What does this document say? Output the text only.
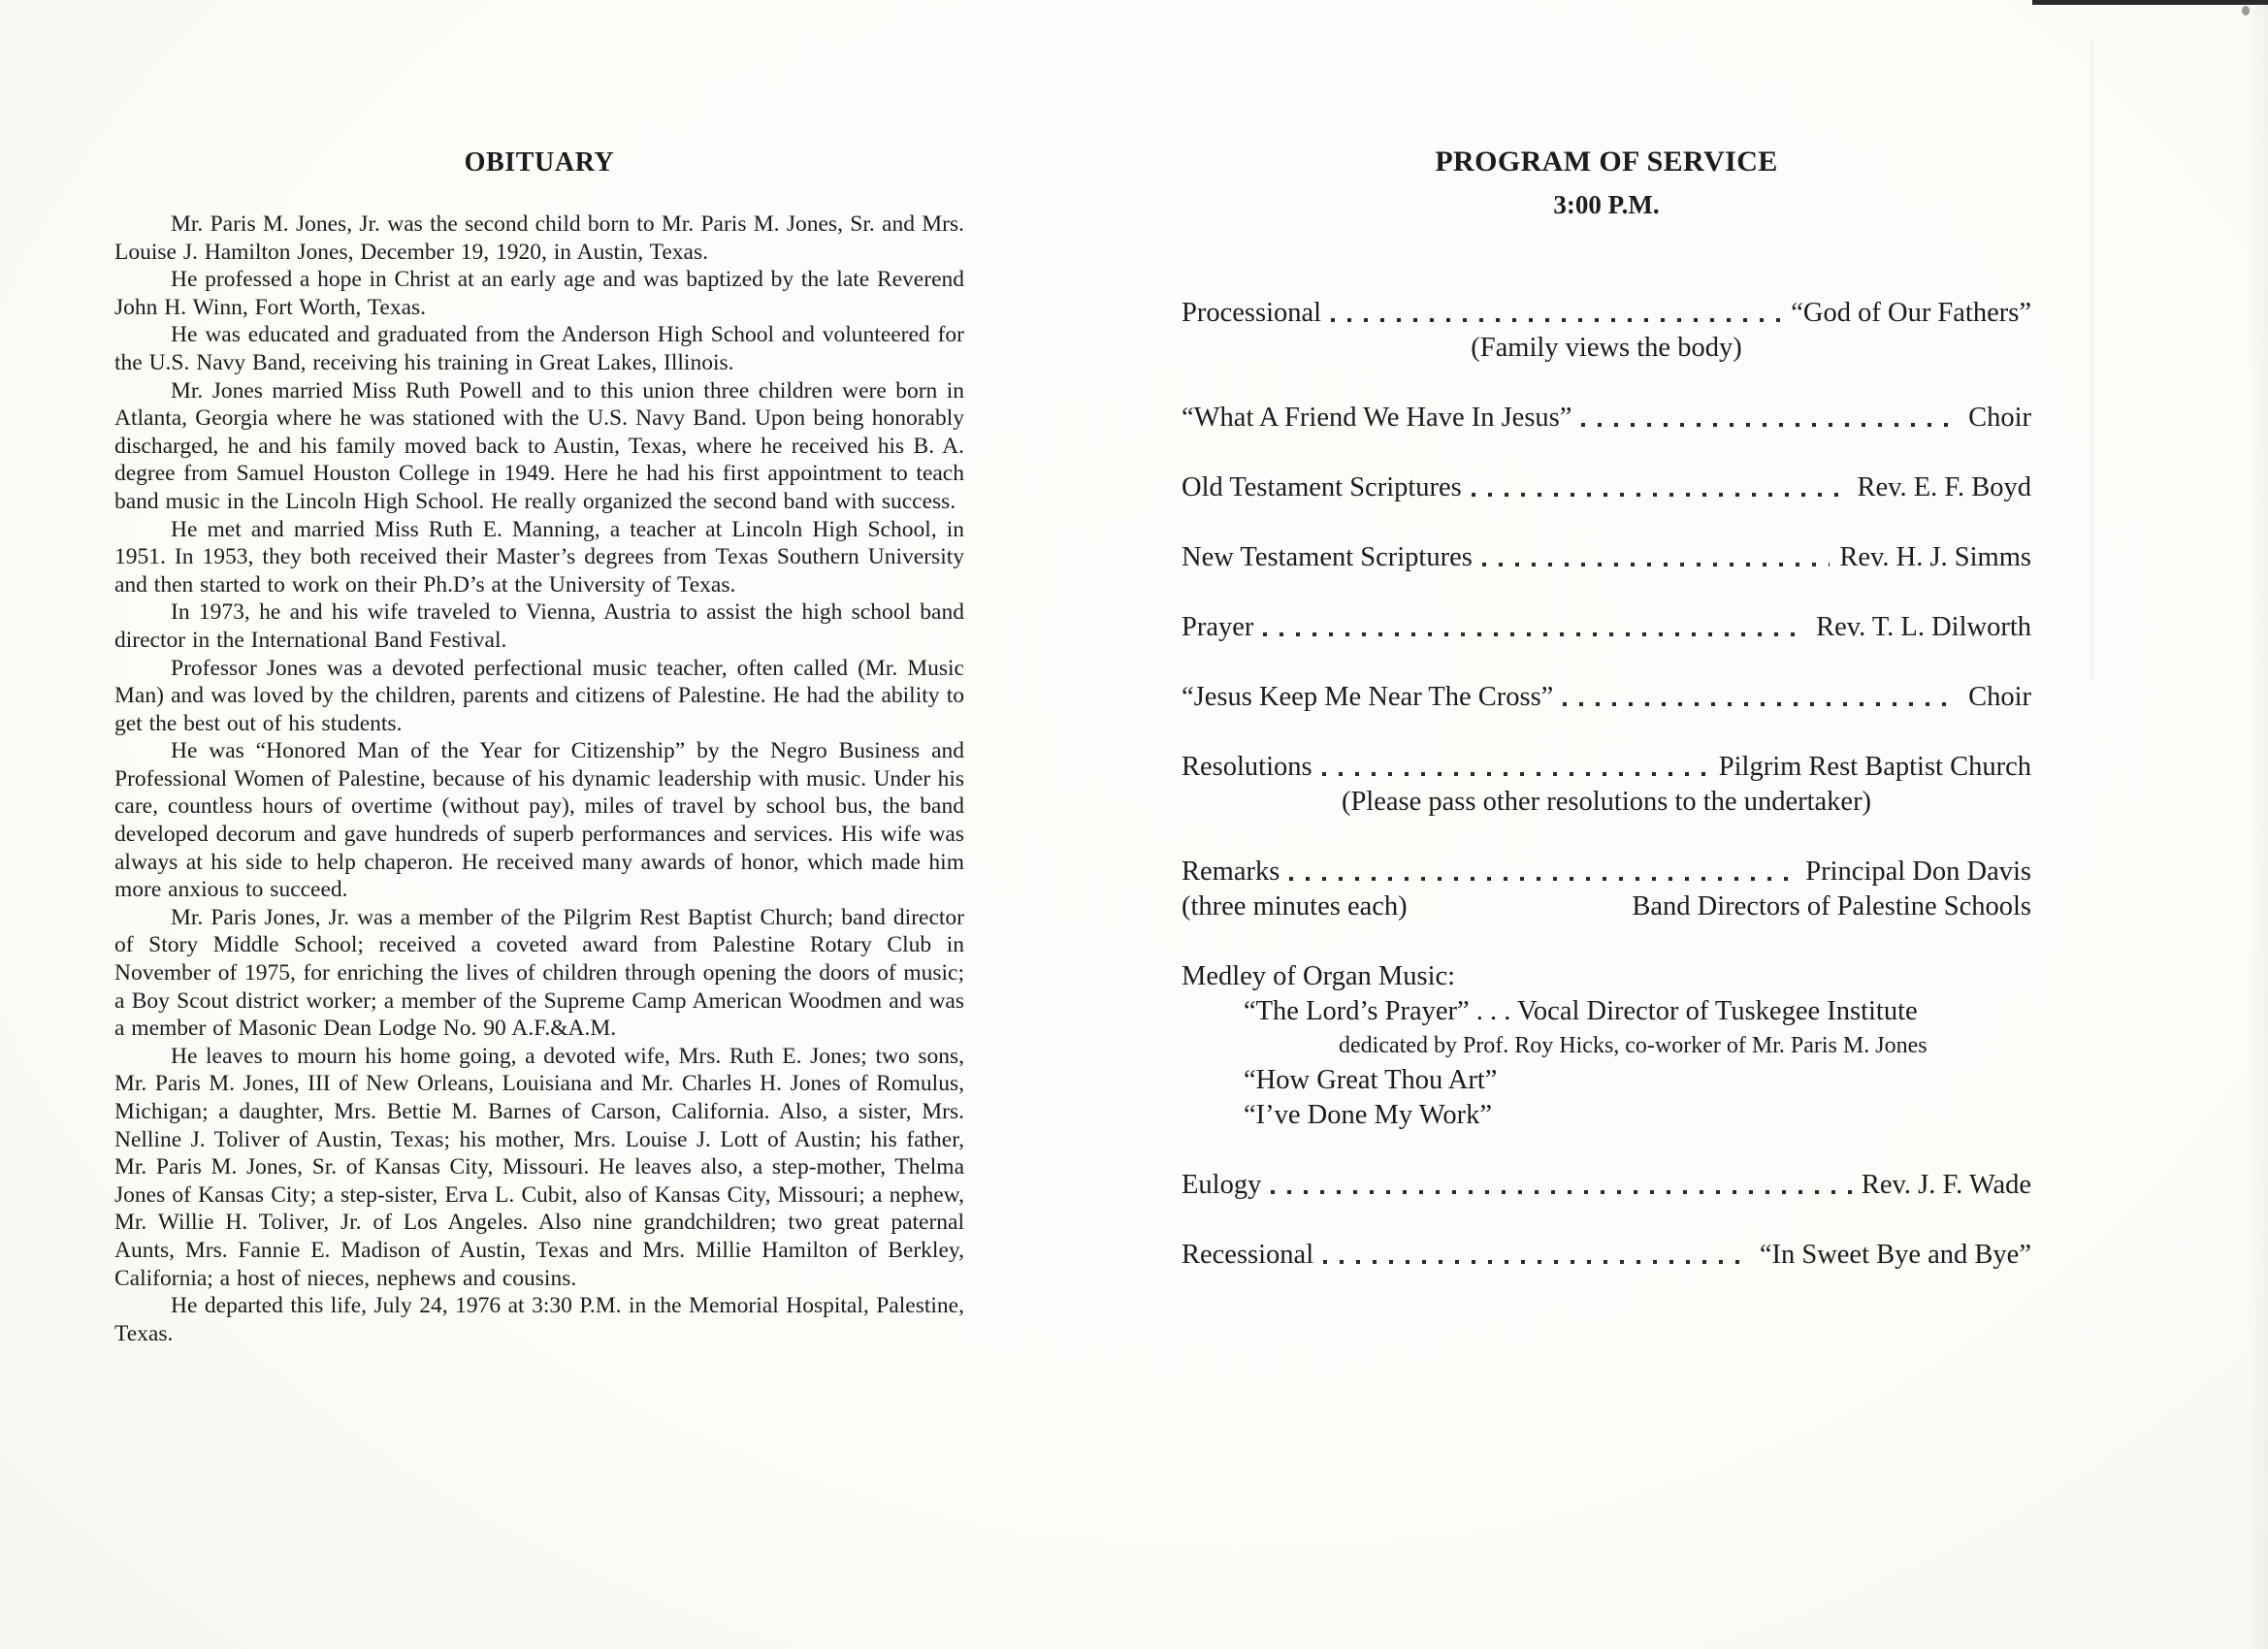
OBITUARY

Mr. Paris M. Jones, Jr. was the second child born to Mr. Paris M. Jones, Sr. and Mrs. Louise J. Hamilton Jones, December 19, 1920, in Austin, Texas.

He professed a hope in Christ at an early age and was baptized by the late Reverend John H. Winn, Fort Worth, Texas.

He was educated and graduated from the Anderson High School and volunteered for the U.S. Navy Band, receiving his training in Great Lakes, Illinois.

Mr. Jones married Miss Ruth Powell and to this union three children were born in Atlanta, Georgia where he was stationed with the U.S. Navy Band. Upon being honorably discharged, he and his family moved back to Austin, Texas, where he received his B. A. degree from Samuel Houston College in 1949. Here he had his first appointment to teach band music in the Lincoln High School. He really organized the second band with success.

He met and married Miss Ruth E. Manning, a teacher at Lincoln High School, in 1951. In 1953, they both received their Master’s degrees from Texas Southern University and then started to work on their Ph.D’s at the University of Texas.

In 1973, he and his wife traveled to Vienna, Austria to assist the high school band director in the International Band Festival.

Professor Jones was a devoted perfectional music teacher, often called (Mr. Music Man) and was loved by the children, parents and citizens of Palestine. He had the ability to get the best out of his students.

He was “Honored Man of the Year for Citizenship” by the Negro Business and Professional Women of Palestine, because of his dynamic leadership with music. Under his care, countless hours of overtime (without pay), miles of travel by school bus, the band developed decorum and gave hundreds of superb performances and services. His wife was always at his side to help chaperon. He received many awards of honor, which made him more anxious to succeed.

Mr. Paris Jones, Jr. was a member of the Pilgrim Rest Baptist Church; band director of Story Middle School; received a coveted award from Palestine Rotary Club in November of 1975, for enriching the lives of children through opening the doors of music; a Boy Scout district worker; a member of the Supreme Camp American Woodmen and was a member of Masonic Dean Lodge No. 90 A.F.&A.M.

He leaves to mourn his home going, a devoted wife, Mrs. Ruth E. Jones; two sons, Mr. Paris M. Jones, III of New Orleans, Louisiana and Mr. Charles H. Jones of Romulus, Michigan; a daughter, Mrs. Bettie M. Barnes of Carson, California. Also, a sister, Mrs. Nelline J. Toliver of Austin, Texas; his mother, Mrs. Louise J. Lott of Austin; his father, Mr. Paris M. Jones, Sr. of Kansas City, Missouri. He leaves also, a step-mother, Thelma Jones of Kansas City; a step-sister, Erva L. Cubit, also of Kansas City, Missouri; a nephew, Mr. Willie H. Toliver, Jr. of Los Angeles. Also nine grandchildren; two great paternal Aunts, Mrs. Fannie E. Madison of Austin, Texas and Mrs. Millie Hamilton of Berkley, California; a host of nieces, nephews and cousins.

He departed this life, July 24, 1976 at 3:30 P.M. in the Memorial Hospital, Palestine, Texas.

PROGRAM OF SERVICE
3:00 P.M.
Processional	“God of Our Fathers”
(Family views the body)
“What A Friend We Have In Jesus”	Choir
Old Testament Scriptures	Rev. E. F. Boyd
New Testament Scriptures	Rev. H. J. Simms
Prayer	Rev. T. L. Dilworth
“Jesus Keep Me Near The Cross”	Choir
Resolutions	Pilgrim Rest Baptist Church
(Please pass other resolutions to the undertaker)
Remarks	Principal Don Davis
(three minutes each)	Band Directors of Palestine Schools
Medley of Organ Music:
“The Lord’s Prayer” . . . Vocal Director of Tuskegee Institute
dedicated by Prof. Roy Hicks, co-worker of Mr. Paris M. Jones
“How Great Thou Art”
“I’ve Done My Work”
Eulogy	Rev. J. F. Wade
Recessional	“In Sweet Bye and Bye”
